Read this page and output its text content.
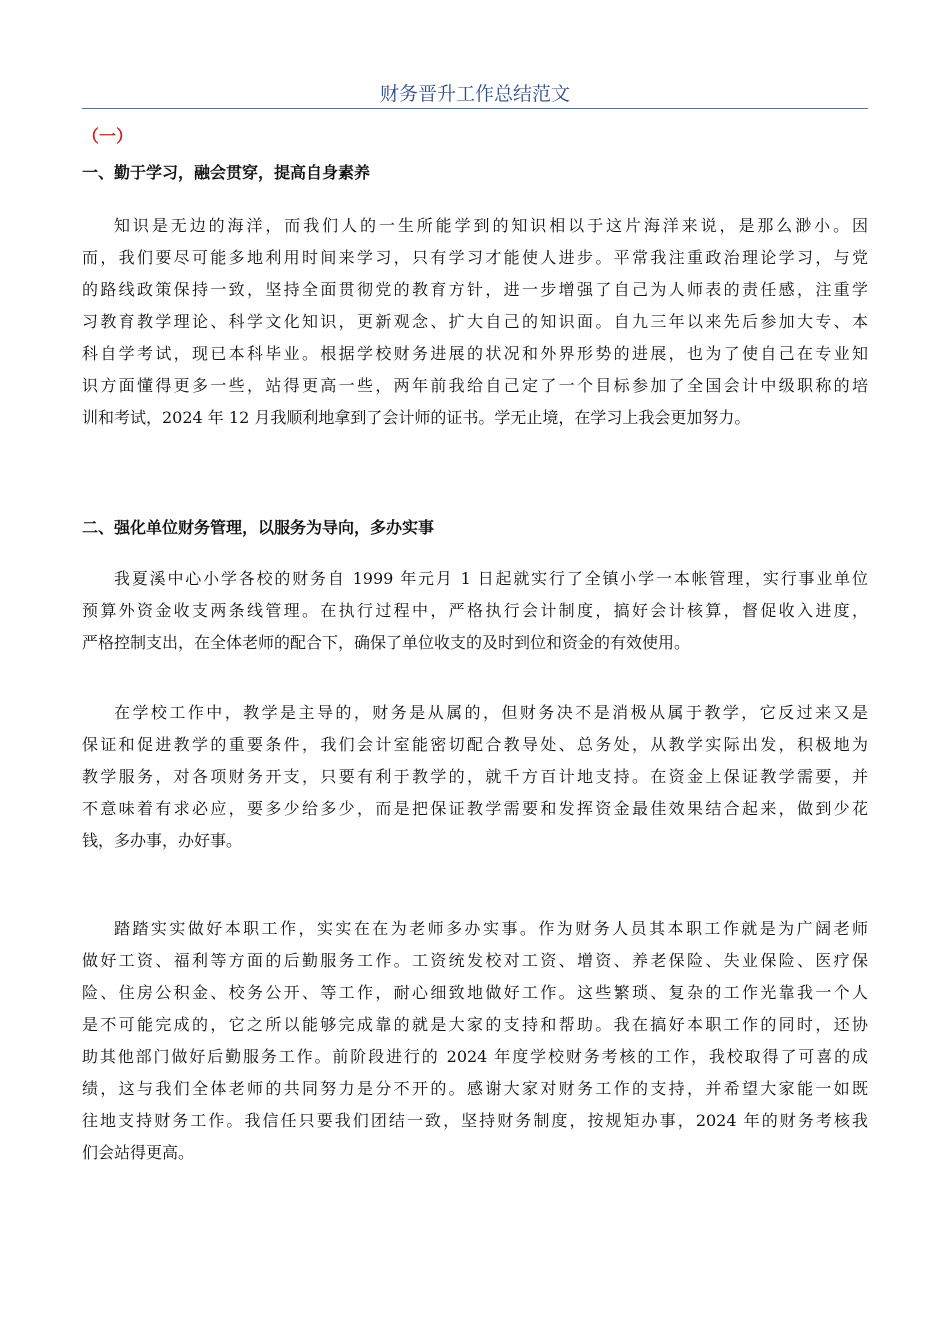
财务晋升工作总结范文
（一）
一、勤于学习，融会贯穿，提高自身素养
知识是无边的海洋，而我们人的一生所能学到的知识相以于这片海洋来说，是那么渺小。因
而，我们要尽可能多地利用时间来学习，只有学习才能使人进步。平常我注重政治理论学习，与党
的路线政策保持一致，坚持全面贯彻党的教育方针，进一步增强了自己为人师表的责任感，注重学
习教育教学理论、科学文化知识，更新观念、扩大自己的知识面。自九三年以来先后参加大专、本
科自学考试，现已本科毕业。根据学校财务进展的状况和外界形势的进展，也为了使自己在专业知
识方面懂得更多一些，站得更高一些，两年前我给自己定了一个目标参加了全国会计中级职称的培
训和考试，2024 年 12 月我顺利地拿到了会计师的证书。学无止境，在学习上我会更加努力。
二、强化单位财务管理，以服务为导向，多办实事
我夏溪中心小学各校的财务自 1999 年元月 1 日起就实行了全镇小学一本帐管理，实行事业单位
预算外资金收支两条线管理。在执行过程中，严格执行会计制度，搞好会计核算，督促收入进度，
严格控制支出，在全体老师的配合下，确保了单位收支的及时到位和资金的有效使用。
在学校工作中，教学是主导的，财务是从属的，但财务决不是消极从属于教学，它反过来又是
保证和促进教学的重要条件，我们会计室能密切配合教导处、总务处，从教学实际出发，积极地为
教学服务，对各项财务开支，只要有利于教学的，就千方百计地支持。在资金上保证教学需要，并
不意味着有求必应，要多少给多少，而是把保证教学需要和发挥资金最佳效果结合起来，做到少花
钱，多办事，办好事。
踏踏实实做好本职工作，实实在在为老师多办实事。作为财务人员其本职工作就是为广阔老师
做好工资、福利等方面的后勤服务工作。工资统发校对工资、增资、养老保险、失业保险、医疗保
险、住房公积金、校务公开、等工作，耐心细致地做好工作。这些繁琐、复杂的工作光靠我一个人
是不可能完成的，它之所以能够完成靠的就是大家的支持和帮助。我在搞好本职工作的同时，还协
助其他部门做好后勤服务工作。前阶段进行的 2024 年度学校财务考核的工作，我校取得了可喜的成
绩，这与我们全体老师的共同努力是分不开的。感谢大家对财务工作的支持，并希望大家能一如既
往地支持财务工作。我信任只要我们团结一致，坚持财务制度，按规矩办事，2024 年的财务考核我
们会站得更高。
